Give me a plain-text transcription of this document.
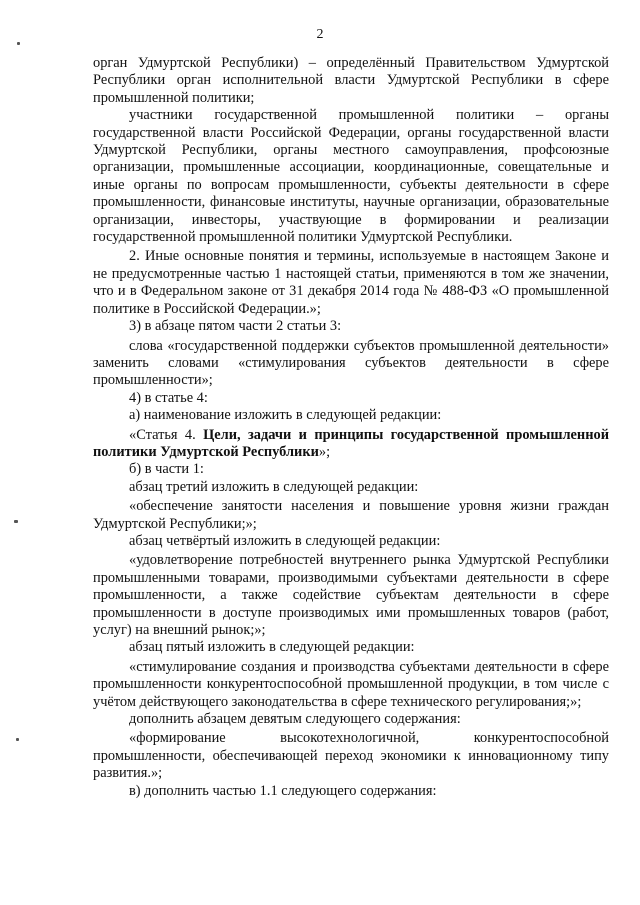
2

орган Удмуртской Республики) – определённый Правительством Удмуртской Республики орган исполнительной власти Удмуртской Республики в сфере промышленной политики;

участники государственной промышленной политики – органы государственной власти Российской Федерации, органы государственной власти Удмуртской Республики, органы местного самоуправления, профсоюзные организации, промышленные ассоциации, координационные, совещательные и иные органы по вопросам промышленности, субъекты деятельности в сфере промышленности, финансовые институты, научные организации, образовательные организации, инвесторы, участвующие в формировании и реализации государственной промышленной политики Удмуртской Республики.

2. Иные основные понятия и термины, используемые в настоящем Законе и не предусмотренные частью 1 настоящей статьи, применяются в том же значении, что и в Федеральном законе от 31 декабря 2014 года № 488-ФЗ «О промышленной политике в Российской Федерации.»;

3) в абзаце пятом части 2 статьи 3:

слова «государственной поддержки субъектов промышленной деятельности» заменить словами «стимулирования субъектов деятельности в сфере промышленности»;

4) в статье 4:

а) наименование изложить в следующей редакции:

«Статья 4. Цели, задачи и принципы государственной промышленной политики Удмуртской Республики»;

б) в части 1:

абзац третий изложить в следующей редакции:

«обеспечение занятости населения и повышение уровня жизни граждан Удмуртской Республики;»;

абзац четвёртый изложить в следующей редакции:

«удовлетворение потребностей внутреннего рынка Удмуртской Республики промышленными товарами, производимыми субъектами деятельности в сфере промышленности, а также содействие субъектам деятельности в сфере промышленности в доступе производимых ими промышленных товаров (работ, услуг) на внешний рынок;»;

абзац пятый изложить в следующей редакции:

«стимулирование создания и производства субъектами деятельности в сфере промышленности конкурентоспособной промышленной продукции, в том числе с учётом действующего законодательства в сфере технического регулирования;»;

дополнить абзацем девятым следующего содержания:

«формирование высокотехнологичной, конкурентоспособной промышленности, обеспечивающей переход экономики к инновационному типу развития.»;

в) дополнить частью 1.1 следующего содержания:
